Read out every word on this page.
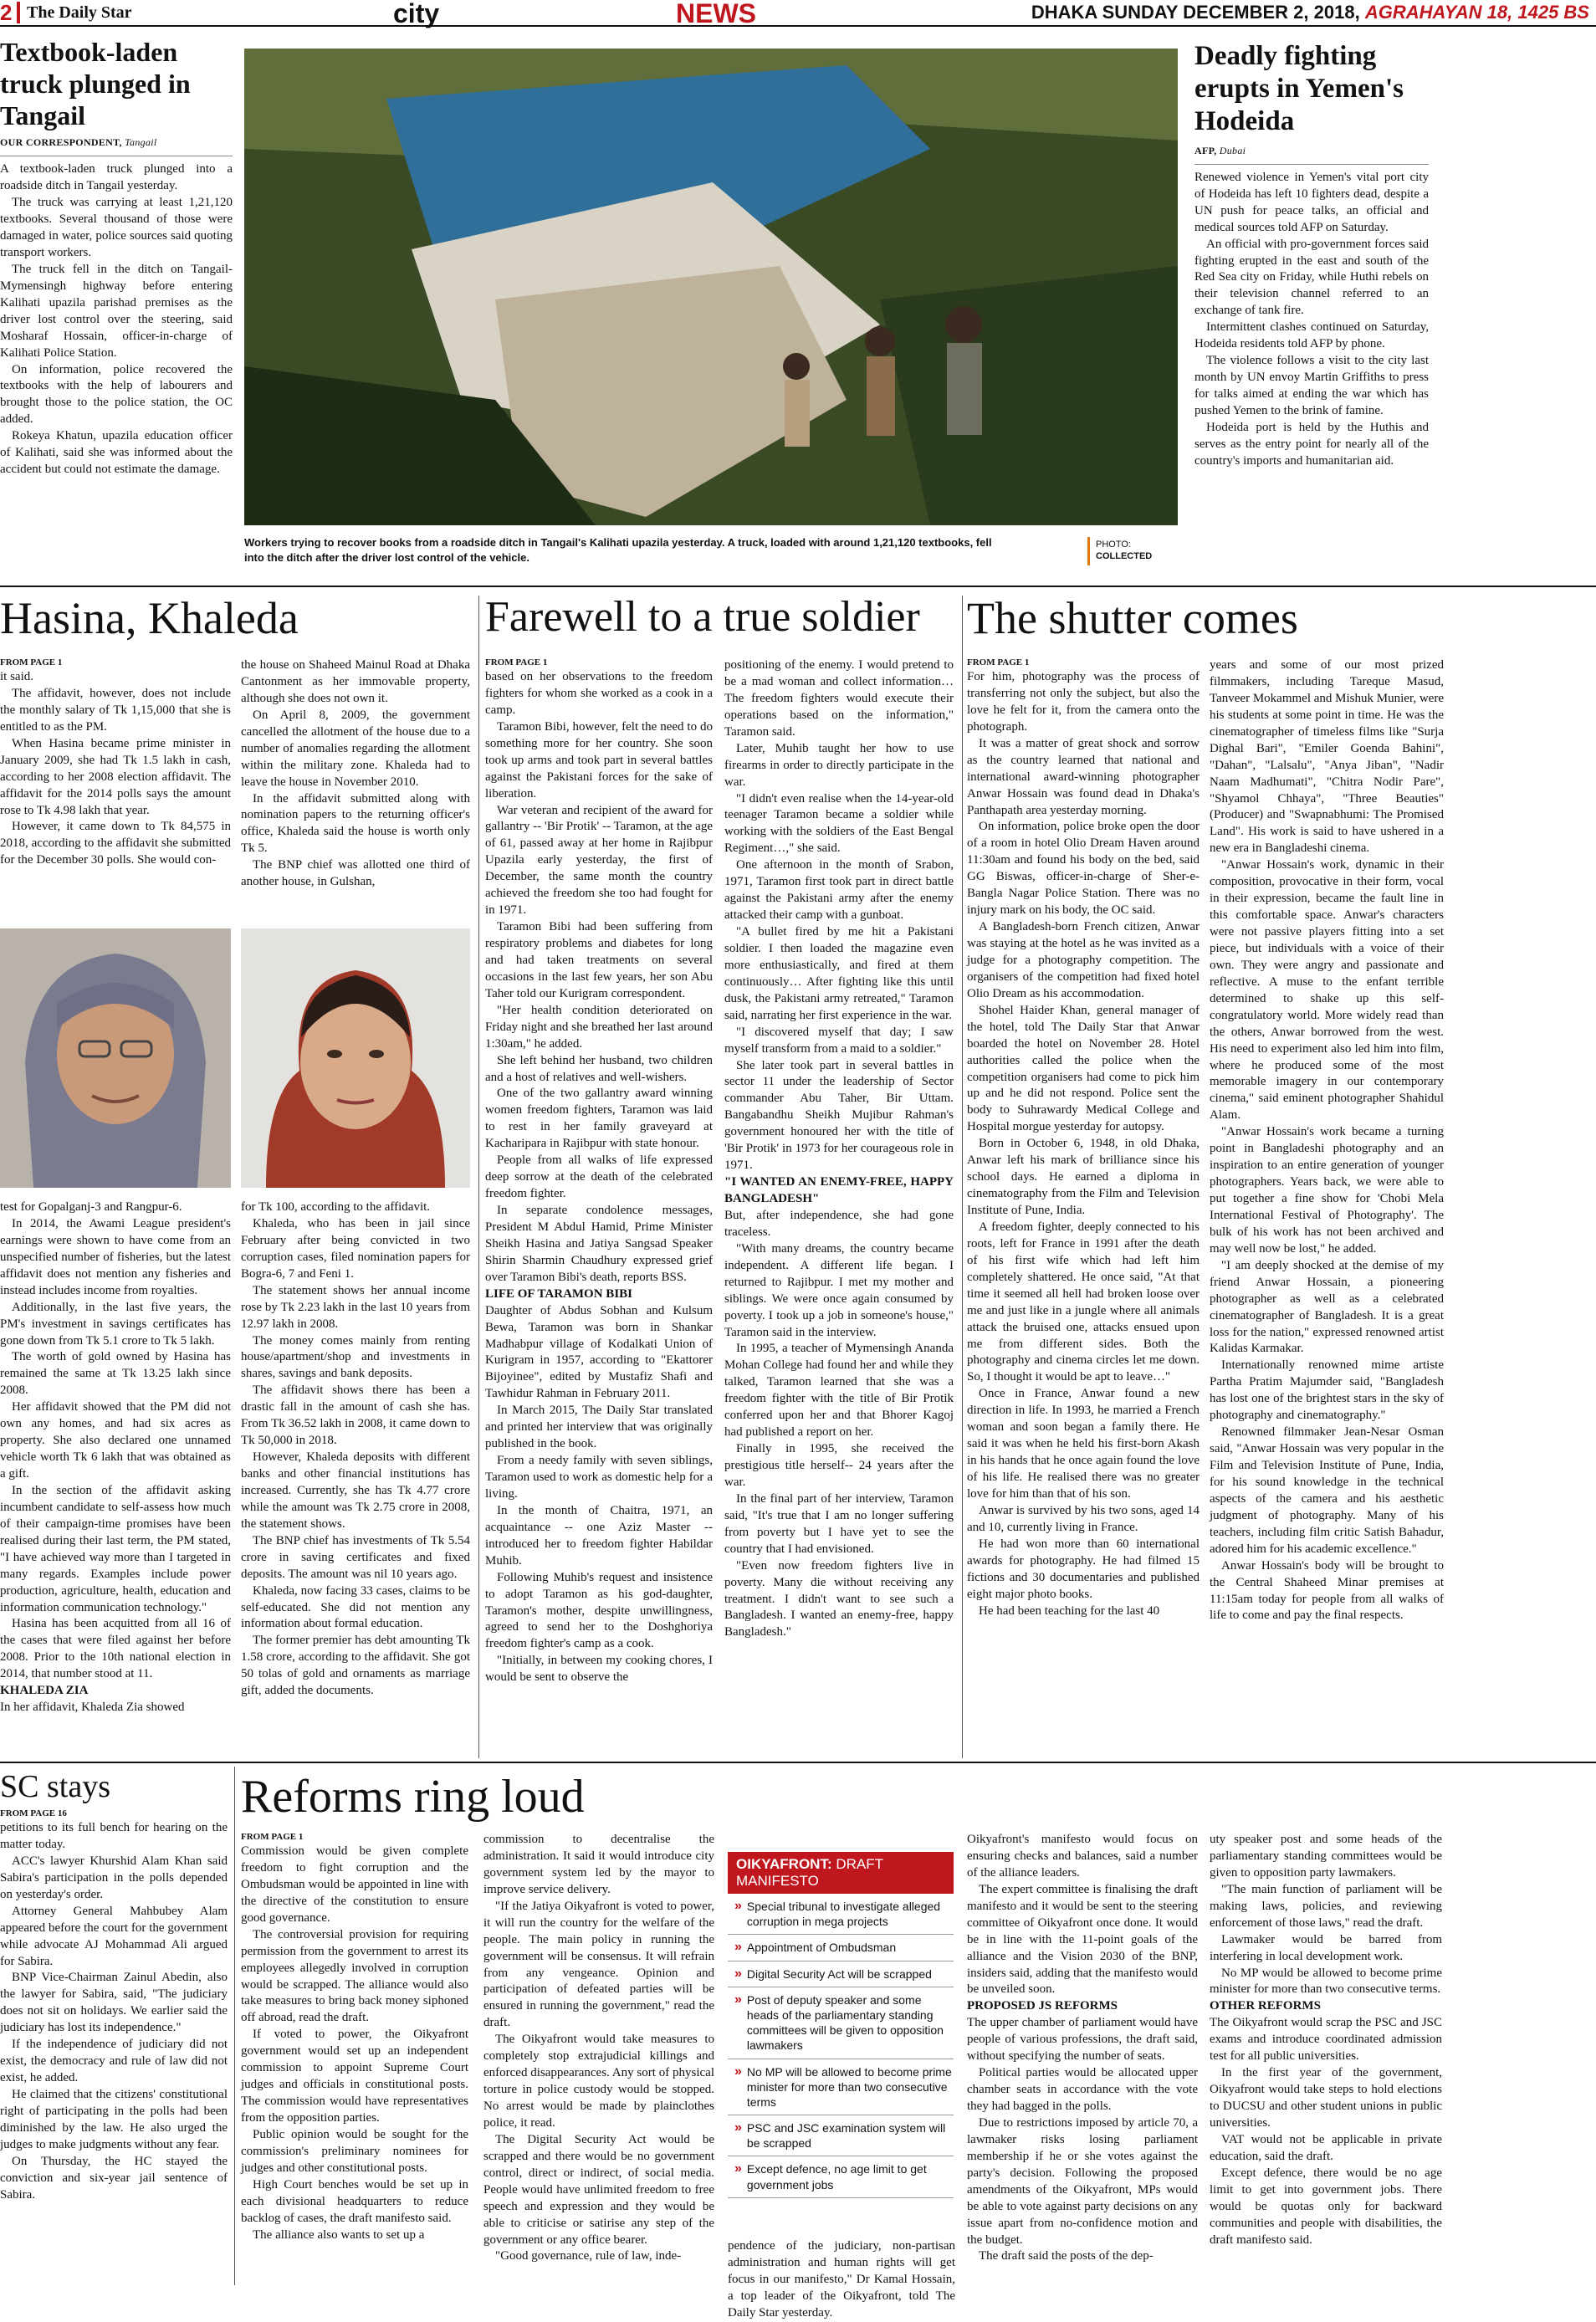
2 The Daily Star	city	NEWS	DHAKA SUNDAY DECEMBER 2, 2018, AGRAHAYAN 18, 1425 BS
Textbook-laden truck plunged in Tangail
OUR CORRESPONDENT, Tangail

A textbook-laden truck plunged into a roadside ditch in Tangail yesterday.

The truck was carrying at least 1,21,120 textbooks. Several thousand of those were damaged in water, police sources said quoting transport workers.

The truck fell in the ditch on Tangail-Mymensingh highway before entering Kalihati upazila parishad premises as the driver lost control over the steering, said Mosharaf Hossain, officer-in-charge of Kalihati Police Station.

On information, police recovered the textbooks with the help of labourers and brought those to the police station, the OC added.

Rokeya Khatun, upazila education officer of Kalihati, said she was informed about the accident but could not estimate the damage.

Workers trying to recover books from a roadside ditch in Tangail's Kalihati upazila yesterday. A truck, loaded with around 1,21,120 textbooks, fell into the ditch after the driver lost control of the vehicle.
PHOTO:
COLLECTED
Deadly fighting erupts in Yemen's Hodeida
AFP, Dubai

Renewed violence in Yemen's vital port city of Hodeida has left 10 fighters dead, despite a UN push for peace talks, an official and medical sources told AFP on Saturday.

An official with pro-government forces said fighting erupted in the east and south of the Red Sea city on Friday, while Huthi rebels on their television channel referred to an exchange of tank fire.

Intermittent clashes continued on Saturday, Hodeida residents told AFP by phone.

The violence follows a visit to the city last month by UN envoy Martin Griffiths to press for talks aimed at ending the war which has pushed Yemen to the brink of famine.

Hodeida port is held by the Huthis and serves as the entry point for nearly all of the country's imports and humanitarian aid.

Hasina, Khaleda
FROM PAGE 1

it said.

The affidavit, however, does not include the monthly salary of Tk 1,15,000 that she is entitled to as the PM.

When Hasina became prime minister in January 2009, she had Tk 1.5 lakh in cash, according to her 2008 election affidavit. The affidavit for the 2014 polls says the amount rose to Tk 4.98 lakh that year.

However, it came down to Tk 84,575 in 2018, according to the affidavit she submitted for the December 30 polls. She would con-

test for Gopalganj-3 and Rangpur-6.

In 2014, the Awami League president's earnings were shown to have come from an unspecified number of fisheries, but the latest affidavit does not mention any fisheries and instead includes income from royalties.

Additionally, in the last five years, the PM's investment in savings certificates has gone down from Tk 5.1 crore to Tk 5 lakh.

The worth of gold owned by Hasina has remained the same at Tk 13.25 lakh since 2008.

Her affidavit showed that the PM did not own any homes, and had six acres as property. She also declared one unnamed vehicle worth Tk 6 lakh that was obtained as a gift.

In the section of the affidavit asking incumbent candidate to self-assess how much of their campaign-time promises have been realised during their last term, the PM stated, "I have achieved way more than I targeted in many regards. Examples include power production, agriculture, health, education and information communication technology."

Hasina has been acquitted from all 16 of the cases that were filed against her before 2008. Prior to the 10th national election in 2014, that number stood at 11.

KHALEDA ZIA

In her affidavit, Khaleda Zia showed

the house on Shaheed Mainul Road at Dhaka Cantonment as her immovable property, although she does not own it.

On April 8, 2009, the government cancelled the allotment of the house due to a number of anomalies regarding the allotment within the military zone. Khaleda had to leave the house in November 2010.

In the affidavit submitted along with nomination papers to the returning officer's office, Khaleda said the house is worth only Tk 5.

The BNP chief was allotted one third of another house, in Gulshan,

for Tk 100, according to the affidavit.

Khaleda, who has been in jail since February after being convicted in two corruption cases, filed nomination papers for Bogra-6, 7 and Feni 1.

The statement shows her annual income rose by Tk 2.23 lakh in the last 10 years from 12.97 lakh in 2008.

The money comes mainly from renting house/apartment/shop and investments in shares, savings and bank deposits.

The affidavit shows there has been a drastic fall in the amount of cash she has. From Tk 36.52 lakh in 2008, it came down to Tk 50,000 in 2018.

However, Khaleda deposits with different banks and other financial institutions has increased. Currently, she has Tk 4.77 crore while the amount was Tk 2.75 crore in 2008, the statement shows.

The BNP chief has investments of Tk 5.54 crore in saving certificates and fixed deposits. The amount was nil 10 years ago.

Khaleda, now facing 33 cases, claims to be self-educated. She did not mention any information about formal education.

The former premier has debt amounting Tk 1.58 crore, according to the affidavit. She got 50 tolas of gold and ornaments as marriage gift, added the documents.

Farewell to a true soldier
FROM PAGE 1

based on her observations to the freedom fighters for whom she worked as a cook in a camp.

Taramon Bibi, however, felt the need to do something more for her country. She soon took up arms and took part in several battles against the Pakistani forces for the sake of liberation.

War veteran and recipient of the award for gallantry -- 'Bir Protik' -- Taramon, at the age of 61, passed away at her home in Rajibpur Upazila early yesterday, the first of December, the same month the country achieved the freedom she too had fought for in 1971.

Taramon Bibi had been suffering from respiratory problems and diabetes for long and had taken treatments on several occasions in the last few years, her son Abu Taher told our Kurigram correspondent.

"Her health condition deteriorated on Friday night and she breathed her last around 1:30am," he added.

She left behind her husband, two children and a host of relatives and well-wishers.

One of the two gallantry award winning women freedom fighters, Taramon was laid to rest in her family graveyard at Kacharipara in Rajibpur with state honour.

People from all walks of life expressed deep sorrow at the death of the celebrated freedom fighter.

In separate condolence messages, President M Abdul Hamid, Prime Minister Sheikh Hasina and Jatiya Sangsad Speaker Shirin Sharmin Chaudhury expressed grief over Taramon Bibi's death, reports BSS.

LIFE OF TARAMON BIBI

Daughter of Abdus Sobhan and Kulsum Bewa, Taramon was born in Shankar Madhabpur village of Kodalkati Union of Kurigram in 1957, according to "Ekattorer Bijoyinee", edited by Mustafiz Shafi and Tawhidur Rahman in February 2011.

In March 2015, The Daily Star translated and printed her interview that was originally published in the book.

From a needy family with seven siblings, Taramon used to work as domestic help for a living.

In the month of Chaitra, 1971, an acquaintance -- one Aziz Master -- introduced her to freedom fighter Habildar Muhib.

Following Muhib's request and insistence to adopt Taramon as his god-daughter, Taramon's mother, despite unwillingness, agreed to send her to the Doshghoriya freedom fighter's camp as a cook.

"Initially, in between my cooking chores, I would be sent to observe the

positioning of the enemy. I would pretend to be a mad woman and collect information… The freedom fighters would execute their operations based on the information," Taramon said.

Later, Muhib taught her how to use firearms in order to directly participate in the war.

"I didn't even realise when the 14-year-old teenager Taramon became a soldier while working with the soldiers of the East Bengal Regiment…," she said.

One afternoon in the month of Srabon, 1971, Taramon first took part in direct battle against the Pakistani army after the enemy attacked their camp with a gunboat.

"A bullet fired by me hit a Pakistani soldier. I then loaded the magazine even more enthusiastically, and fired at them continuously… After fighting like this until dusk, the Pakistani army retreated," Taramon said, narrating her first experience in the war.

"I discovered myself that day; I saw myself transform from a maid to a soldier."

She later took part in several battles in sector 11 under the leadership of Sector commander Abu Taher, Bir Uttam. Bangabandhu Sheikh Mujibur Rahman's government honoured her with the title of 'Bir Protik' in 1973 for her courageous role in 1971.

"I WANTED AN ENEMY-FREE, HAPPY BANGLADESH"

But, after independence, she had gone traceless.

"With many dreams, the country became independent. A different life began. I returned to Rajibpur. I met my mother and siblings. We were once again consumed by poverty. I took up a job in someone's house," Taramon said in the interview.

In 1995, a teacher of Mymensingh Ananda Mohan College had found her and while they talked, Taramon learned that she was a freedom fighter with the title of Bir Protik conferred upon her and that Bhorer Kagoj had published a report on her.

Finally in 1995, she received the prestigious title herself-- 24 years after the war.

In the final part of her interview, Taramon said, "It's true that I am no longer suffering from poverty but I have yet to see the country that I had envisioned.

"Even now freedom fighters live in poverty. Many die without receiving any treatment. I didn't want to see such a Bangladesh. I wanted an enemy-free, happy Bangladesh."

The shutter comes
FROM PAGE 1

For him, photography was the process of transferring not only the subject, but also the love he felt for it, from the camera onto the photograph.

It was a matter of great shock and sorrow as the country learned that national and international award-winning photographer Anwar Hossain was found dead in Dhaka's Panthapath area yesterday morning.

On information, police broke open the door of a room in hotel Olio Dream Haven around 11:30am and found his body on the bed, said GG Biswas, officer-in-charge of Sher-e-Bangla Nagar Police Station. There was no injury mark on his body, the OC said.

A Bangladesh-born French citizen, Anwar was staying at the hotel as he was invited as a judge for a photography competition. The organisers of the competition had fixed hotel Olio Dream as his accommodation.

Shohel Haider Khan, general manager of the hotel, told The Daily Star that Anwar boarded the hotel on November 28. Hotel authorities called the police when the competition organisers had come to pick him up and he did not respond. Police sent the body to Suhrawardy Medical College and Hospital morgue yesterday for autopsy.

Born in October 6, 1948, in old Dhaka, Anwar left his mark of brilliance since his school days. He earned a diploma in cinematography from the Film and Television Institute of Pune, India.

A freedom fighter, deeply connected to his roots, left for France in 1991 after the death of his first wife which had left him completely shattered. He once said, "At that time it seemed all hell had broken loose over me and just like in a jungle where all animals attack the bruised one, attacks ensued upon me from different sides. Both the photography and cinema circles let me down. So, I thought it would be apt to leave…"

Once in France, Anwar found a new direction in life. In 1993, he married a French woman and soon began a family there. He said it was when he held his first-born Akash in his hands that he once again found the love of his life. He realised there was no greater love for him than that of his son.

Anwar is survived by his two sons, aged 14 and 10, currently living in France.

He had won more than 60 international awards for photography. He had filmed 15 fictions and 30 documentaries and published eight major photo books.

He had been teaching for the last 40

years and some of our most prized filmmakers, including Tareque Masud, Tanveer Mokammel and Mishuk Munier, were his students at some point in time. He was the cinematographer of timeless films like "Surja Dighal Bari", "Emiler Goenda Bahini", "Dahan", "Lalsalu", "Anya Jiban", "Nadir Naam Madhumati", "Chitra Nodir Pare", "Shyamol Chhaya", "Three Beauties" (Producer) and "Swapnabhumi: The Promised Land". His work is said to have ushered in a new era in Bangladeshi cinema.

"Anwar Hossain's work, dynamic in their composition, provocative in their form, vocal in their expression, became the fault line in this comfortable space. Anwar's characters were not passive players fitting into a set piece, but individuals with a voice of their own. They were angry and passionate and reflective. A muse to the enfant terrible determined to shake up this self-congratulatory world. More widely read than the others, Anwar borrowed from the west. His need to experiment also led him into film, where he produced some of the most memorable imagery in our contemporary cinema," said eminent photographer Shahidul Alam.

"Anwar Hossain's work became a turning point in Bangladeshi photography and an inspiration to an entire generation of younger photographers. Years back, we were able to put together a fine show for 'Chobi Mela International Festival of Photography'. The bulk of his work has not been archived and may well now be lost," he added.

"I am deeply shocked at the demise of my friend Anwar Hossain, a pioneering photographer as well as a celebrated cinematographer of Bangladesh. It is a great loss for the nation," expressed renowned artist Kalidas Karmakar.

Internationally renowned mime artiste Partha Pratim Majumder said, "Bangladesh has lost one of the brightest stars in the sky of photography and cinematography."

Renowned filmmaker Jean-Nesar Osman said, "Anwar Hossain was very popular in the Film and Television Institute of Pune, India, for his sound knowledge in the technical aspects of the camera and his aesthetic judgment of photography. Many of his teachers, including film critic Satish Bahadur, adored him for his academic excellence."

Anwar Hossain's body will be brought to the Central Shaheed Minar premises at 11:15am today for people from all walks of life to come and pay the final respects.

SC stays
FROM PAGE 16

petitions to its full bench for hearing on the matter today.

ACC's lawyer Khurshid Alam Khan said Sabira's participation in the polls depended on yesterday's order.

Attorney General Mahbubey Alam appeared before the court for the government while advocate AJ Mohammad Ali argued for Sabira.

BNP Vice-Chairman Zainul Abedin, also the lawyer for Sabira, said, "The judiciary does not sit on holidays. We earlier said the judiciary has lost its independence."

If the independence of judiciary did not exist, the democracy and rule of law did not exist, he added.

He claimed that the citizens' constitutional right of participating in the polls had been diminished by the law. He also urged the judges to make judgments without any fear.

On Thursday, the HC stayed the conviction and six-year jail sentence of Sabira.

Reforms ring loud
FROM PAGE 1

Commission would be given complete freedom to fight corruption and the Ombudsman would be appointed in line with the directive of the constitution to ensure good governance.

The controversial provision for requiring permission from the government to arrest its employees allegedly involved in corruption would be scrapped. The alliance would also take measures to bring back money siphoned off abroad, read the draft.

If voted to power, the Oikyafront government would set up an independent commission to appoint Supreme Court judges and officials in constitutional posts. The commission would have representatives from the opposition parties.

Public opinion would be sought for the commission's preliminary nominees for judges and other constitutional posts.

High Court benches would be set up in each divisional headquarters to reduce backlog of cases, the draft manifesto said.

The alliance also wants to set up a

commission to decentralise the administration. It said it would introduce city government system led by the mayor to improve service delivery.

"If the Jatiya Oikyafront is voted to power, it will run the country for the welfare of the people. The main policy in running the government will be consensus. It will refrain from any vengeance. Opinion and participation of defeated parties will be ensured in running the government," read the draft.

The Oikyafront would take measures to completely stop extrajudicial killings and enforced disappearances. Any sort of physical torture in police custody would be stopped. No arrest would be made by plainclothes police, it read.

The Digital Security Act would be scrapped and there would be no government control, direct or indirect, of social media. People would have unlimited freedom to free speech and expression and they would be able to criticise or satirise any step of the government or any office bearer.

"Good governance, rule of law, inde-

OIKYAFRONT: DRAFT MANIFESTO
» Special tribunal to investigate alleged corruption in mega projects
» Appointment of Ombudsman
» Digital Security Act will be scrapped
» Post of deputy speaker and some heads of the parliamentary standing committees will be given to opposition lawmakers
» No MP will be allowed to become prime minister for more than two consecutive terms
» PSC and JSC examination system will be scrapped
» Except defence, no age limit to get government jobs

pendence of the judiciary, non-partisan administration and human rights will get focus in our manifesto," Dr Kamal Hossain, a top leader of the Oikyafront, told The Daily Star yesterday.

Oikyafront's manifesto would focus on ensuring checks and balances, said a number of the alliance leaders.

The expert committee is finalising the draft manifesto and it would be sent to the steering committee of Oikyafront once done. It would be in line with the 11-point goals of the alliance and the Vision 2030 of the BNP, insiders said, adding that the manifesto would be unveiled soon.

PROPOSED JS REFORMS

The upper chamber of parliament would have people of various professions, the draft said, without specifying the number of seats.

Political parties would be allocated upper chamber seats in accordance with the vote they had bagged in the polls.

Due to restrictions imposed by article 70, a lawmaker risks losing parliament membership if he or she votes against the party's decision. Following the proposed amendments of the Oikyafront, MPs would be able to vote against party decisions on any issue apart from no-confidence motion and the budget.

The draft said the posts of the dep-

uty speaker post and some heads of the parliamentary standing committees would be given to opposition party lawmakers.

"The main function of parliament will be making laws, policies, and reviewing enforcement of those laws," read the draft.

Lawmaker would be barred from interfering in local development work.

No MP would be allowed to become prime minister for more than two consecutive terms.

OTHER REFORMS

The Oikyafront would scrap the PSC and JSC exams and introduce coordinated admission test for all public universities.

In the first year of the government, Oikyafront would take steps to hold elections to DUCSU and other student unions in public universities.

VAT would not be applicable in private education, said the draft.

Except defence, there would be no age limit to get into government jobs. There would be quotas only for backward communities and people with disabilities, the draft manifesto said.
